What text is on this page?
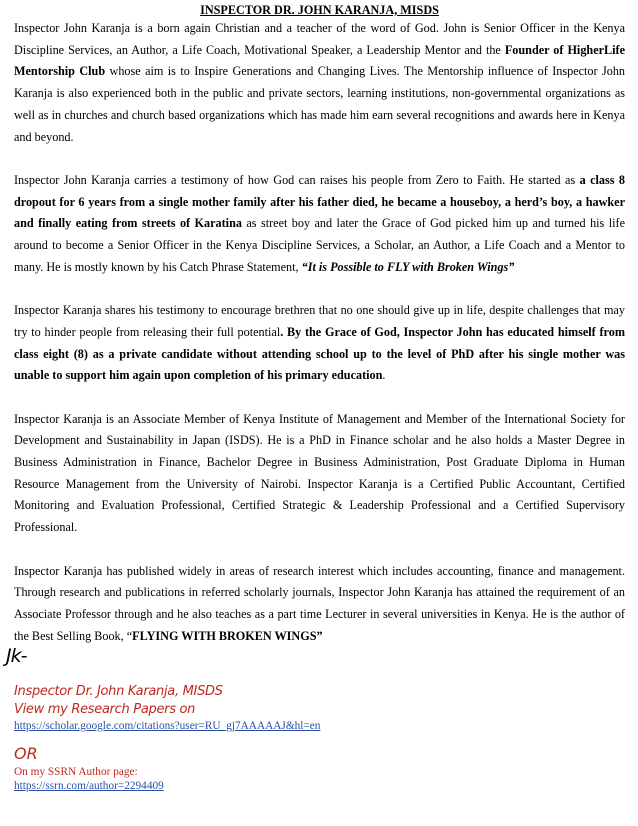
INSPECTOR DR. JOHN KARANJA, MISDS

Inspector John Karanja is a born again Christian and a teacher of the word of God. John is Senior Officer in the Kenya Discipline Services, an Author, a Life Coach, Motivational Speaker, a Leadership Mentor and the Founder of HigherLife Mentorship Club whose aim is to Inspire Generations and Changing Lives. The Mentorship influence of Inspector John Karanja is also experienced both in the public and private sectors, learning institutions, non-governmental organizations as well as in churches and church based organizations which has made him earn several recognitions and awards here in Kenya and beyond.

Inspector John Karanja carries a testimony of how God can raises his people from Zero to Faith. He started as a class 8 dropout for 6 years from a single mother family after his father died, he became a houseboy, a herd’s boy, a hawker and finally eating from streets of Karatina as street boy and later the Grace of God picked him up and turned his life around to become a Senior Officer in the Kenya Discipline Services, a Scholar, an Author, a Life Coach and a Mentor to many. He is mostly known by his Catch Phrase Statement, “It is Possible to FLY with Broken Wings”

Inspector Karanja shares his testimony to encourage brethren that no one should give up in life, despite challenges that may try to hinder people from releasing their full potential. By the Grace of God, Inspector John has educated himself from class eight (8) as a private candidate without attending school up to the level of PhD after his single mother was unable to support him again upon completion of his primary education.

Inspector Karanja is an Associate Member of Kenya Institute of Management and Member of the International Society for Development and Sustainability in Japan (ISDS). He is a PhD in Finance scholar and he also holds a Master Degree in Business Administration in Finance, Bachelor Degree in Business Administration, Post Graduate Diploma in Human Resource Management from the University of Nairobi. Inspector Karanja is a Certified Public Accountant, Certified Monitoring and Evaluation Professional, Certified Strategic & Leadership Professional and a Certified Supervisory Professional.

Inspector Karanja has published widely in areas of research interest which includes accounting, finance and management. Through research and publications in referred scholarly journals, Inspector John Karanja has attained the requirement of an Associate Professor through and he also teaches as a part time Lecturer in several universities in Kenya. He is the author of the Best Selling Book, “FLYING WITH BROKEN WINGS”

Jk-
Inspector Dr. John Karanja, MISDS
View my Research Papers on
https://scholar.google.com/citations?user=RU_gj7AAAAAJ&hl=en
OR
On my SSRN Author page:
https://ssrn.com/author=2294409
